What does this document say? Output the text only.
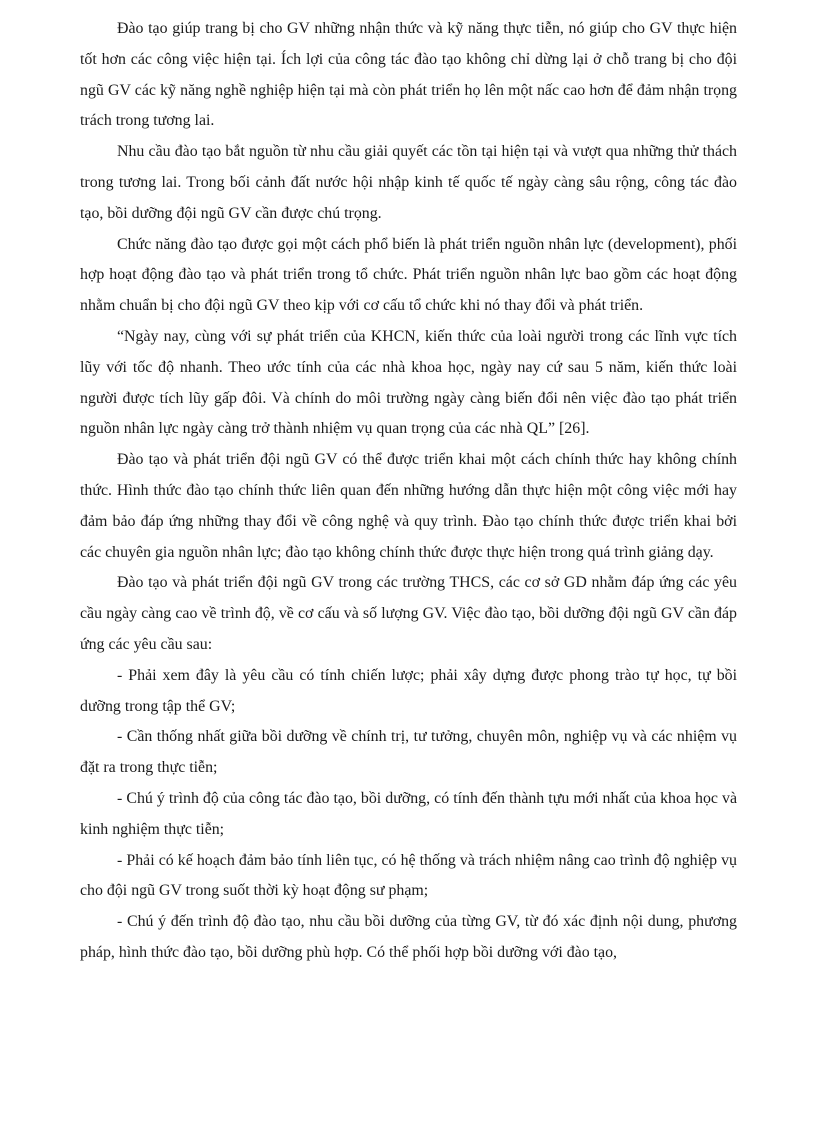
Đào tạo giúp trang bị cho GV những nhận thức và kỹ năng thực tiễn, nó giúp cho GV thực hiện tốt hơn các công việc hiện tại. Ích lợi của công tác đào tạo không chỉ dừng lại ở chỗ trang bị cho đội ngũ GV các kỹ năng nghề nghiệp hiện tại mà còn phát triển họ lên một nấc cao hơn để đảm nhận trọng trách trong tương lai.

Nhu cầu đào tạo bắt nguồn từ nhu cầu giải quyết các tồn tại hiện tại và vượt qua những thử thách trong tương lai. Trong bối cảnh đất nước hội nhập kinh tế quốc tế ngày càng sâu rộng, công tác đào tạo, bồi dưỡng đội ngũ GV cần được chú trọng.

Chức năng đào tạo được gọi một cách phổ biến là phát triển nguồn nhân lực (development), phối hợp hoạt động đào tạo và phát triển trong tổ chức. Phát triển nguồn nhân lực bao gồm các hoạt động nhằm chuẩn bị cho đội ngũ GV theo kịp với cơ cấu tổ chức khi nó thay đổi và phát triển.

“Ngày nay, cùng với sự phát triển của KHCN, kiến thức của loài người trong các lĩnh vực tích lũy với tốc độ nhanh. Theo ước tính của các nhà khoa học, ngày nay cứ sau 5 năm, kiến thức loài người được tích lũy gấp đôi. Và chính do môi trường ngày càng biến đổi nên việc đào tạo phát triển nguồn nhân lực ngày càng trở thành nhiệm vụ quan trọng của các nhà QL” [26].

Đào tạo và phát triển đội ngũ GV có thể được triển khai một cách chính thức hay không chính thức. Hình thức đào tạo chính thức liên quan đến những hướng dẫn thực hiện một công việc mới hay đảm bảo đáp ứng những thay đổi về công nghệ và quy trình. Đào tạo chính thức được triển khai bởi các chuyên gia nguồn nhân lực; đào tạo không chính thức được thực hiện trong quá trình giảng dạy.

Đào tạo và phát triển đội ngũ GV trong các trường THCS, các cơ sở GD nhằm đáp ứng các yêu cầu ngày càng cao về trình độ, về cơ cấu và số lượng GV. Việc đào tạo, bồi dưỡng đội ngũ GV cần đáp ứng các yêu cầu sau:

- Phải xem đây là yêu cầu có tính chiến lược; phải xây dựng được phong trào tự học, tự bồi dưỡng trong tập thể GV;

- Cần thống nhất giữa bồi dưỡng về chính trị, tư tưởng, chuyên môn, nghiệp vụ và các nhiệm vụ đặt ra trong thực tiễn;

- Chú ý trình độ của công tác đào tạo, bồi dưỡng, có tính đến thành tựu mới nhất của khoa học và kinh nghiệm thực tiễn;

- Phải có kế hoạch đảm bảo tính liên tục, có hệ thống và trách nhiệm nâng cao trình độ nghiệp vụ cho đội ngũ GV trong suốt thời kỳ hoạt động sư phạm;

- Chú ý đến trình độ đào tạo, nhu cầu bồi dưỡng của từng GV, từ đó xác định nội dung, phương pháp, hình thức đào tạo, bồi dưỡng phù hợp. Có thể phối hợp bồi dưỡng với đào tạo,
